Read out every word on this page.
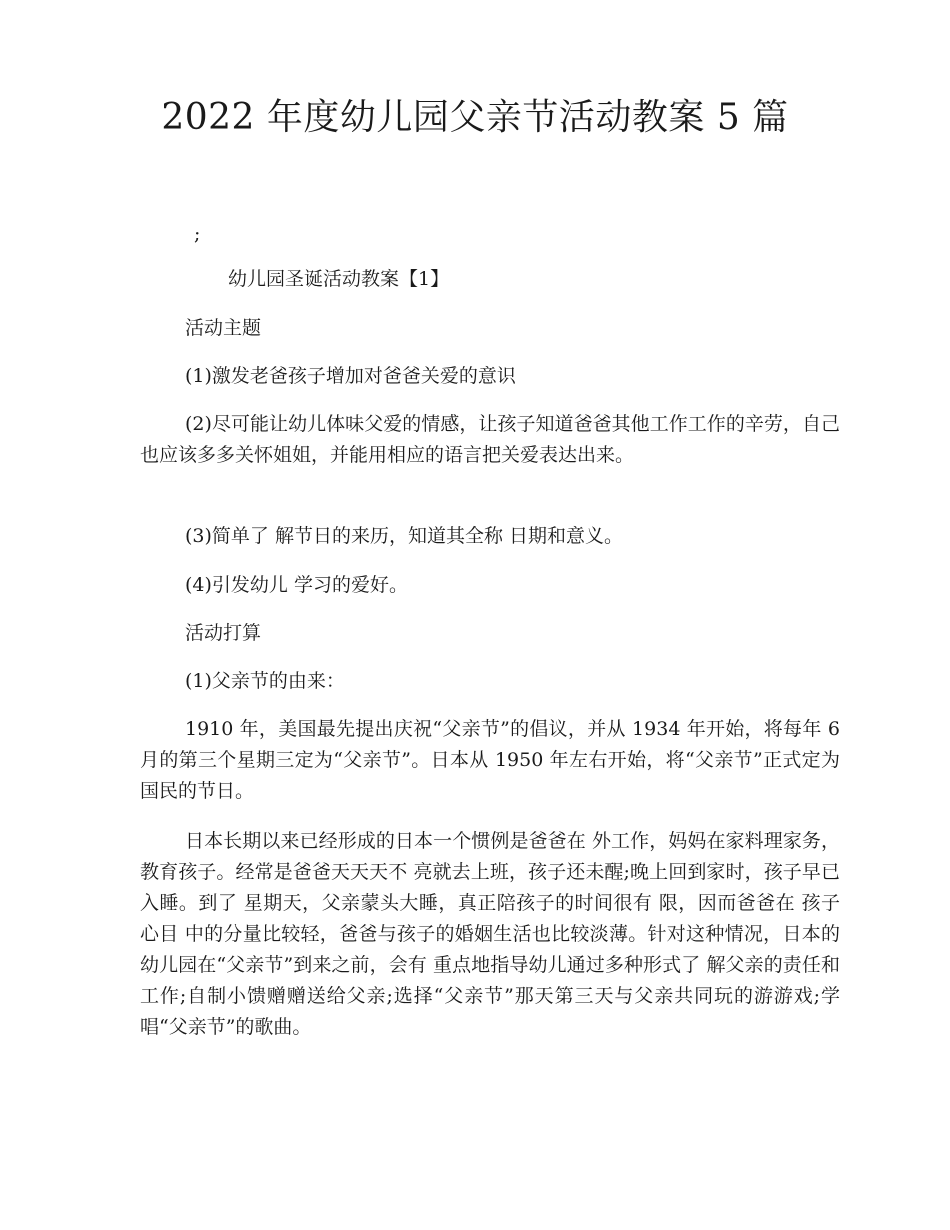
2022 年度幼儿园父亲节活动教案 5 篇
;
幼儿园圣诞活动教案【1】
活动主题
(1)激发老爸孩子增加对爸爸关爱的意识
(2)尽可能让幼儿体味父爱的情感，让孩子知道爸爸其他工作工作的辛劳，自己也应该多多关怀姐姐，并能用相应的语言把关爱表达出来。
(3)简单了 解节日的来历，知道其全称 日期和意义。
(4)引发幼儿 学习的爱好。
活动打算
(1)父亲节的由来：
1910 年，美国最先提出庆祝“父亲节”的倡议，并从 1934 年开始，将每年 6 月的第三个星期三定为“父亲节”。日本从 1950 年左右开始，将“父亲节”正式定为国民的节日。
日本长期以来已经形成的日本一个惯例是爸爸在 外工作，妈妈在家料理家务，教育孩子。经常是爸爸天天天不 亮就去上班，孩子还未醒;晚上回到家时，孩子早已入睡。到了 星期天，父亲蒙头大睡，真正陪孩子的时间很有 限，因而爸爸在 孩子心目 中的分量比较轻，爸爸与孩子的婚姻生活也比较淡薄。针对这种情况，日本的幼儿园在“父亲节”到来之前，会有 重点地指导幼儿通过多种形式了 解父亲的责任和工作;自制小馈赠赠送给父亲;选择“父亲节”那天第三天与父亲共同玩的游游戏;学唱“父亲节”的歌曲。
